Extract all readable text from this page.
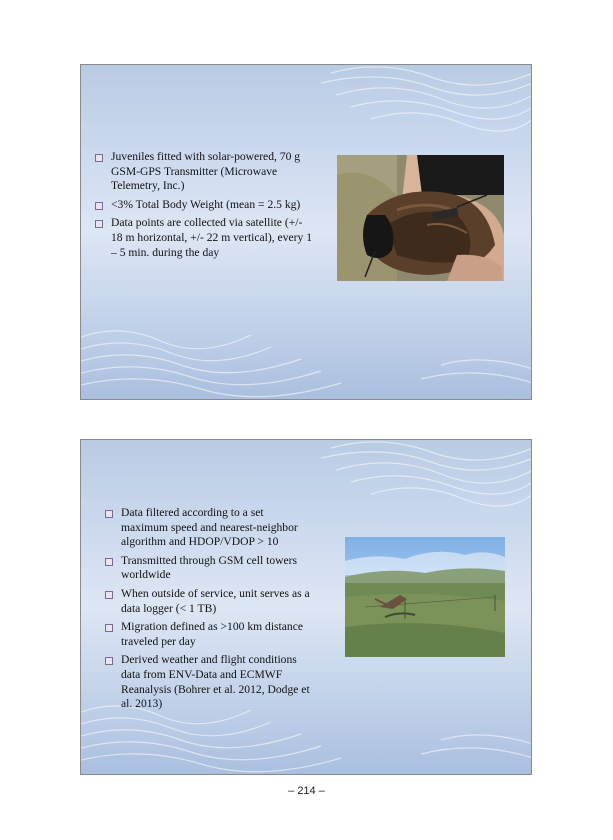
Juveniles fitted with solar-powered, 70 g GSM-GPS Transmitter (Microwave Telemetry, Inc.)
<3% Total Body Weight (mean = 2.5 kg)
Data points are collected via satellite (+/- 18 m horizontal, +/- 22 m vertical), every 1 – 5 min. during the day
Data filtered according to a set maximum speed and nearest-neighbor algorithm and HDOP/VDOP > 10
Transmitted through GSM cell towers worldwide
When outside of service, unit serves as a data logger (< 1 TB)
Migration defined as >100 km distance traveled per day
Derived weather and flight conditions data from ENV-Data and ECMWF Reanalysis (Bohrer et al. 2012, Dodge et al. 2013)
– 214 –
